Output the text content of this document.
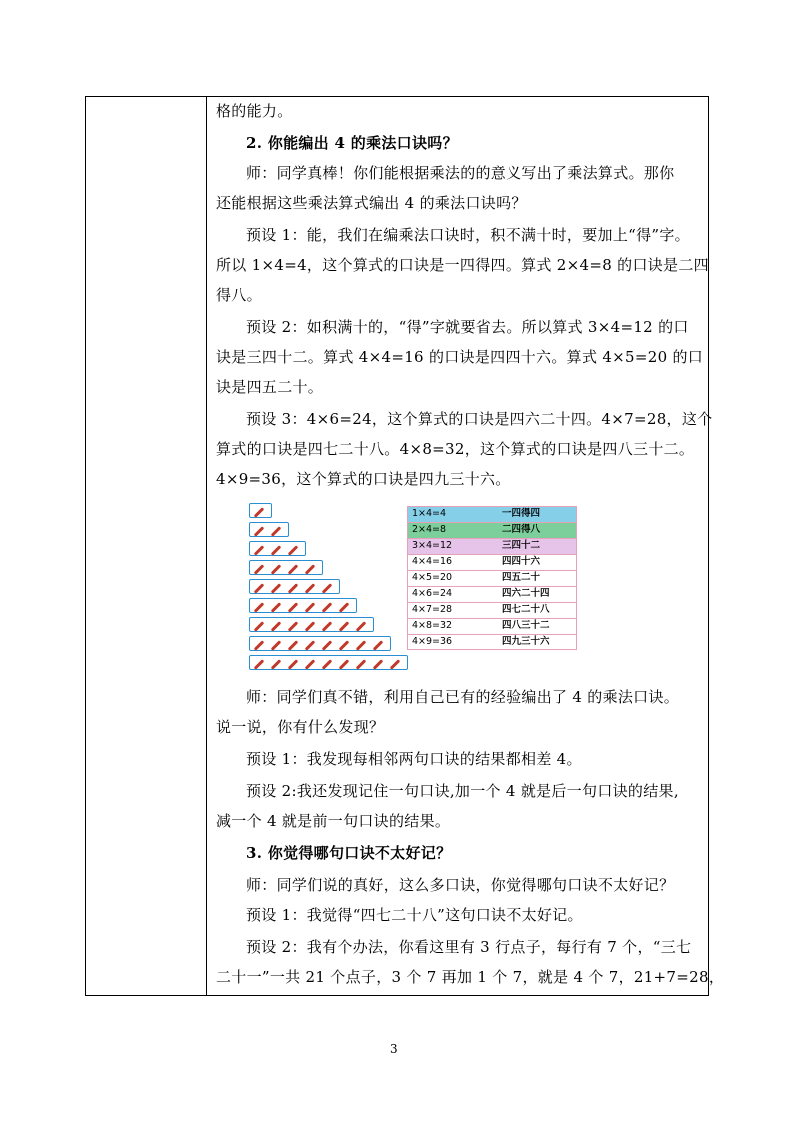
1×4=4	一四得四
2×4=8	二四得八
3×4=12	三四十二
4×4=16	四四十六
4×5=20	四五二十
4×6=24	四六二十四
4×7=28	四七二十八
4×8=32	四八三十二
4×9=36	四九三十六
格的能力。
2. 你能编出 4 的乘法口诀吗？
师：同学真棒！你们能根据乘法的的意义写出了乘法算式。那你
还能根据这些乘法算式编出 4 的乘法口诀吗？
预设 1：能，我们在编乘法口诀时，积不满十时，要加上“得”字。
所以 1×4=4，这个算式的口诀是一四得四。算式 2×4=8 的口诀是二四
得八。
预设 2：如积满十的，“得”字就要省去。所以算式 3×4=12 的口
诀是三四十二。算式 4×4=16 的口诀是四四十六。算式 4×5=20 的口
诀是四五二十。
预设 3：4×6=24，这个算式的口诀是四六二十四。4×7=28，这个
算式的口诀是四七二十八。4×8=32，这个算式的口诀是四八三十二。
4×9=36，这个算式的口诀是四九三十六。
师：同学们真不错，利用自己已有的经验编出了 4 的乘法口诀。
说一说，你有什么发现？
预设 1：我发现每相邻两句口诀的结果都相差 4。
预设 2:我还发现记住一句口诀,加一个 4 就是后一句口诀的结果,
减一个 4 就是前一句口诀的结果。
3. 你觉得哪句口诀不太好记？
师：同学们说的真好，这么多口诀，你觉得哪句口诀不太好记？
预设 1：我觉得“四七二十八”这句口诀不太好记。
预设 2：我有个办法，你看这里有 3 行点子，每行有 7 个，“三七
二十一”一共 21 个点子，3 个 7 再加 1 个 7，就是 4 个 7，21+7=28，
3
